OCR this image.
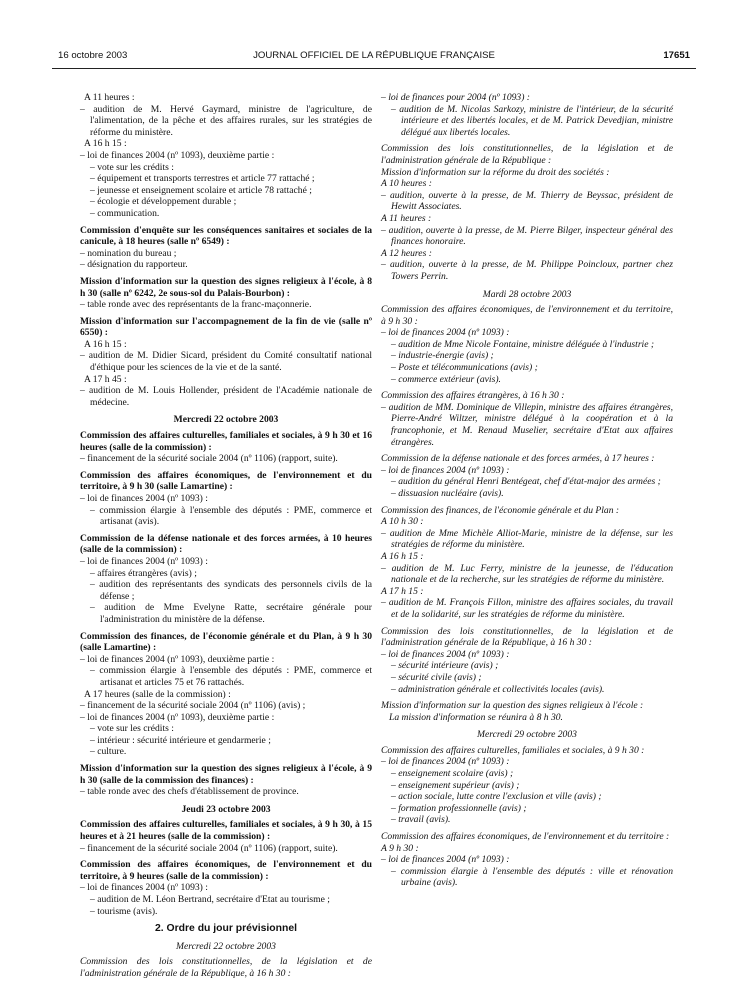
16 octobre 2003	JOURNAL OFFICIEL DE LA RÉPUBLIQUE FRANÇAISE	17651

A 11 heures :

– audition de M. Hervé Gaymard, ministre de l'agriculture, de l'alimentation, de la pêche et des affaires rurales, sur les stratégies de réforme du ministère.

A 16 h 15 :

– loi de finances 2004 (nº 1093), deuxième partie :

– vote sur les crédits :

– équipement et transports terrestres et article 77 rattaché ;

– jeunesse et enseignement scolaire et article 78 rattaché ;

– écologie et développement durable ;

– communication.

Commission d'enquête sur les conséquences sanitaires et sociales de la canicule, à 18 heures (salle nº 6549) :

– nomination du bureau ;

– désignation du rapporteur.

Mission d'information sur la question des signes religieux à l'école, à 8 h 30 (salle nº 6242, 2e sous-sol du Palais-Bourbon) :

– table ronde avec des représentants de la franc-maçonnerie.

Mission d'information sur l'accompagnement de la fin de vie (salle nº 6550) :

A 16 h 15 :

– audition de M. Didier Sicard, président du Comité consultatif national d'éthique pour les sciences de la vie et de la santé.

A 17 h 45 :

– audition de M. Louis Hollender, président de l'Académie nationale de médecine.

Mercredi 22 octobre 2003

Commission des affaires culturelles, familiales et sociales, à 9 h 30 et 16 heures (salle de la commission) :

– financement de la sécurité sociale 2004 (nº 1106) (rapport, suite).

Commission des affaires économiques, de l'environnement et du territoire, à 9 h 30 (salle Lamartine) :

– loi de finances 2004 (nº 1093) :

– commission élargie à l'ensemble des députés : PME, commerce et artisanat (avis).

Commission de la défense nationale et des forces armées, à 10 heures (salle de la commission) :

– loi de finances 2004 (nº 1093) :

– affaires étrangères (avis) ;

– audition des représentants des syndicats des personnels civils de la défense ;

– audition de Mme Evelyne Ratte, secrétaire générale pour l'administration du ministère de la défense.

Commission des finances, de l'économie générale et du Plan, à 9 h 30 (salle Lamartine) :

– loi de finances 2004 (nº 1093), deuxième partie :

– commission élargie à l'ensemble des députés : PME, commerce et artisanat et articles 75 et 76 rattachés.

A 17 heures (salle de la commission) :

– financement de la sécurité sociale 2004 (nº 1106) (avis) ;

– loi de finances 2004 (nº 1093), deuxième partie :

– vote sur les crédits :

– intérieur : sécurité intérieure et gendarmerie ;

– culture.

Mission d'information sur la question des signes religieux à l'école, à 9 h 30 (salle de la commission des finances) :

– table ronde avec des chefs d'établissement de province.

Jeudi 23 octobre 2003

Commission des affaires culturelles, familiales et sociales, à 9 h 30, à 15 heures et à 21 heures (salle de la commission) :

– financement de la sécurité sociale 2004 (nº 1106) (rapport, suite).

Commission des affaires économiques, de l'environnement et du territoire, à 9 heures (salle de la commission) :

– loi de finances 2004 (nº 1093) :

– audition de M. Léon Bertrand, secrétaire d'Etat au tourisme ;

– tourisme (avis).

2. Ordre du jour prévisionnel

Mercredi 22 octobre 2003

Commission des lois constitutionnelles, de la législation et de l'administration générale de la République, à 16 h 30 :

– loi de finances pour 2004 (nº 1093) :

– audition de M. Nicolas Sarkozy, ministre de l'intérieur, de la sécurité intérieure et des libertés locales, et de M. Patrick Devedjian, ministre délégué aux libertés locales.

Commission des lois constitutionnelles, de la législation et de l'administration générale de la République :

Mission d'information sur la réforme du droit des sociétés :

A 10 heures :

– audition, ouverte à la presse, de M. Thierry de Beyssac, président de Hewitt Associates.

A 11 heures :

– audition, ouverte à la presse, de M. Pierre Bilger, inspecteur général des finances honoraire.

A 12 heures :

– audition, ouverte à la presse, de M. Philippe Poincloux, partner chez Towers Perrin.

Mardi 28 octobre 2003

Commission des affaires économiques, de l'environnement et du territoire, à 9 h 30 :

– loi de finances 2004 (nº 1093) :

– audition de Mme Nicole Fontaine, ministre déléguée à l'industrie ;

– industrie-énergie (avis) ;

– Poste et télécommunications (avis) ;

– commerce extérieur (avis).

Commission des affaires étrangères, à 16 h 30 :

– audition de MM. Dominique de Villepin, ministre des affaires étrangères, Pierre-André Wiltzer, ministre délégué à la coopération et à la francophonie, et M. Renaud Muselier, secrétaire d'Etat aux affaires étrangères.

Commission de la défense nationale et des forces armées, à 17 heures :

– loi de finances 2004 (nº 1093) :

– audition du général Henri Bentégeat, chef d'état-major des armées ;

– dissuasion nucléaire (avis).

Commission des finances, de l'économie générale et du Plan :

A 10 h 30 :

– audition de Mme Michèle Alliot-Marie, ministre de la défense, sur les stratégies de réforme du ministère.

A 16 h 15 :

– audition de M. Luc Ferry, ministre de la jeunesse, de l'éducation nationale et de la recherche, sur les stratégies de réforme du ministère.

A 17 h 15 :

– audition de M. François Fillon, ministre des affaires sociales, du travail et de la solidarité, sur les stratégies de réforme du ministère.

Commission des lois constitutionnelles, de la législation et de l'administration générale de la République, à 16 h 30 :

– loi de finances 2004 (nº 1093) :

– sécurité intérieure (avis) ;

– sécurité civile (avis) ;

– administration générale et collectivités locales (avis).

Mission d'information sur la question des signes religieux à l'école :

La mission d'information se réunira à 8 h 30.

Mercredi 29 octobre 2003

Commission des affaires culturelles, familiales et sociales, à 9 h 30 :

– loi de finances 2004 (nº 1093) :

– enseignement scolaire (avis) ;

– enseignement supérieur (avis) ;

– action sociale, lutte contre l'exclusion et ville (avis) ;

– formation professionnelle (avis) ;

– travail (avis).

Commission des affaires économiques, de l'environnement et du territoire :

A 9 h 30 :

– loi de finances 2004 (nº 1093) :

– commission élargie à l'ensemble des députés : ville et rénovation urbaine (avis).
